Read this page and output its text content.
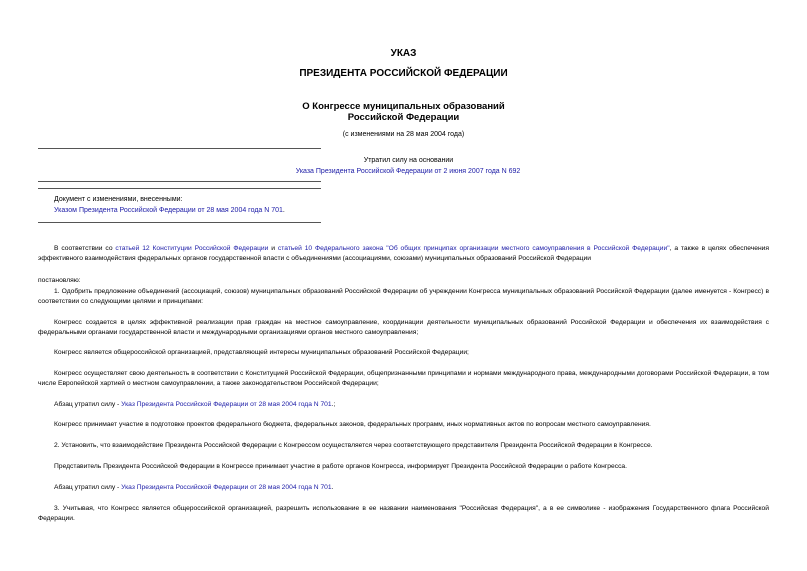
УКАЗ
ПРЕЗИДЕНТА РОССИЙСКОЙ ФЕДЕРАЦИИ
О Конгрессе муниципальных образований
Российской Федерации
(с изменениями на 28 мая 2004 года)
Утратил силу на основании
Указа Президента Российской Федерации от 2 июня 2007 года N 692
Документ с изменениями, внесенными:
Указом Президента Российской Федерации от 28 мая 2004 года N 701.
В соответствии со статьей 12 Конституции Российской Федерации и статьей 10 Федерального закона "Об общих принципах организации местного самоуправления в Российской Федерации", а также в целях обеспечения эффективного взаимодействия федеральных органов государственной власти с объединениями (ассоциациями, союзами) муниципальных образований Российской Федерации
постановляю:
1. Одобрить предложение объединений (ассоциаций, союзов) муниципальных образований Российской Федерации об учреждении Конгресса муниципальных образований Российской Федерации (далее именуется - Конгресс) в соответствии со следующими целями и принципами:
Конгресс создается в целях эффективной реализации прав граждан на местное самоуправление, координации деятельности муниципальных образований Российской Федерации и обеспечения их взаимодействия с федеральными органами государственной власти и международными организациями органов местного самоуправления;
Конгресс является общероссийской организацией, представляющей интересы муниципальных образований Российской Федерации;
Конгресс осуществляет свою деятельность в соответствии с Конституцией Российской Федерации, общепризнанными принципами и нормами международного права, международными договорами Российской Федерации, в том числе Европейской хартией о местном самоуправлении, а также законодательством Российской Федерации;
Абзац утратил силу - Указ Президента Российской Федерации от 28 мая 2004 года N 701.;
Конгресс принимает участие в подготовке проектов федерального бюджета, федеральных законов, федеральных программ, иных нормативных актов по вопросам местного самоуправления.
2. Установить, что взаимодействие Президента Российской Федерации с Конгрессом осуществляется через соответствующего представителя Президента Российской Федерации в Конгрессе.
Представитель Президента Российской Федерации в Конгрессе принимает участие в работе органов Конгресса, информирует Президента Российской Федерации о работе Конгресса.
Абзац утратил силу - Указ Президента Российской Федерации от 28 мая 2004 года N 701.
3. Учитывая, что Конгресс является общероссийской организацией, разрешить использование в ее названии наименования "Российская Федерация", а в ее символике - изображения Государственного флага Российской Федерации.
